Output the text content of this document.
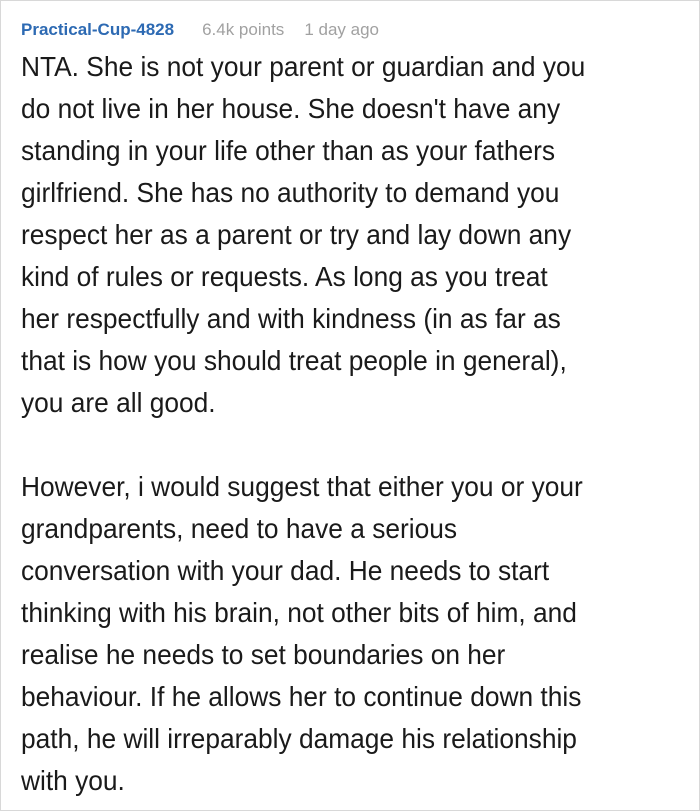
Practical-Cup-4828 6.4k points 1 day ago
NTA. She is not your parent or guardian and you
do not live in her house. She doesn't have any
standing in your life other than as your fathers
girlfriend. She has no authority to demand you
respect her as a parent or try and lay down any
kind of rules or requests. As long as you treat
her respectfully and with kindness (in as far as
that is how you should treat people in general),
you are all good.
However, i would suggest that either you or your
grandparents, need to have a serious
conversation with your dad. He needs to start
thinking with his brain, not other bits of him, and
realise he needs to set boundaries on her
behaviour. If he allows her to continue down this
path, he will irreparably damage his relationship
with you.
